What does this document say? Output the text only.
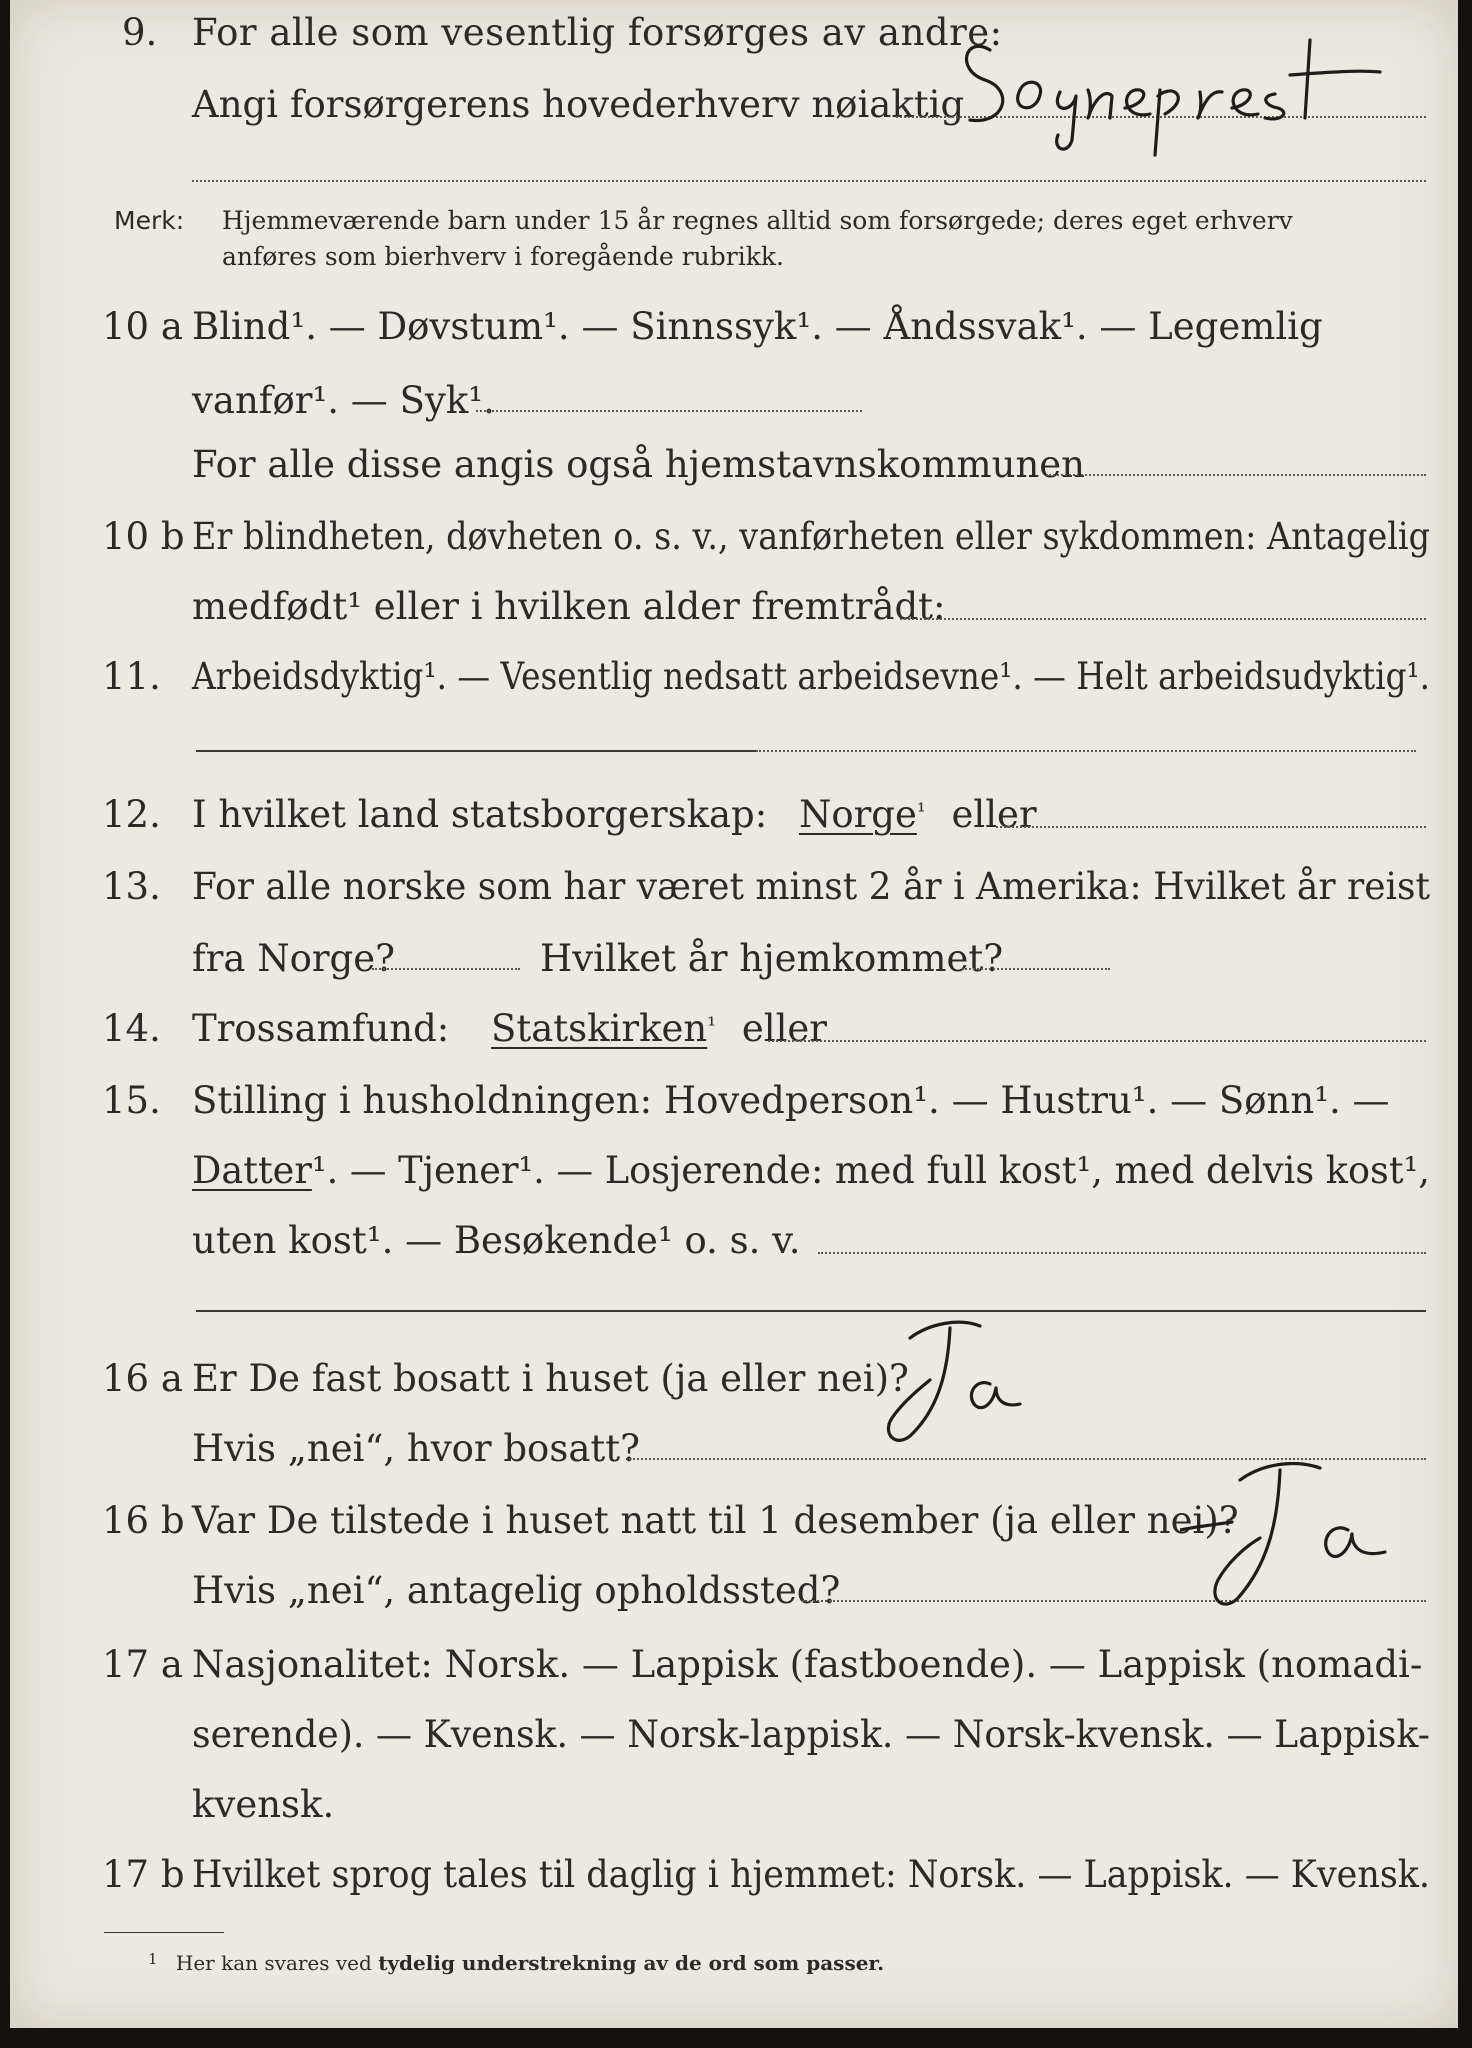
9. For alle som vesentlig forsørges av andre:
Angi forsørgerens hovederhverv nøiaktig
Merk: Hjemmeværende barn under 15 år regnes alltid som forsørgede; deres eget erhverv
anføres som bierhverv i foregående rubrikk.
10 a Blind¹. — Døvstum¹. — Sinnssyk¹. — Åndssvak¹. — Legemlig
vanfør¹. — Syk¹.
For alle disse angis også hjemstavnskommunen
10 b Er blindheten, døvheten o. s. v., vanførheten eller sykdommen: Antagelig
medfødt¹ eller i hvilken alder fremtrådt:
11. Arbeidsdyktig¹. — Vesentlig nedsatt arbeidsevne¹. — Helt arbeidsudyktig¹.
12. I hvilket land statsborgerskap: Norge$^{^1}$ eller
13. For alle norske som har været minst 2 år i Amerika: Hvilket år reist
fra Norge?	Hvilket år hjemkommet?
14. Trossamfund: Statskirken$^{^1}$ eller
15. Stilling i husholdningen: Hovedperson¹. — Hustru¹. — Sønn¹. —
Datter¹. — Tjener¹. — Losjerende: med full kost¹, med delvis kost¹,
uten kost¹. — Besøkende¹ o. s. v.
16 a Er De fast bosatt i huset (ja eller nei)?
Hvis „nei“, hvor bosatt?
16 b Var De tilstede i huset natt til 1 desember (ja eller nei)?
Hvis „nei“, antagelig opholdssted?
17 a Nasjonalitet: Norsk. — Lappisk (fastboende). — Lappisk (nomadi-
serende). — Kvensk. — Norsk-lappisk. — Norsk-kvensk. — Lappisk-
kvensk.
17 b Hvilket sprog tales til daglig i hjemmet: Norsk. — Lappisk. — Kvensk.
$^1$ Her kan svares ved tydelig understrekning av de ord som passer.
